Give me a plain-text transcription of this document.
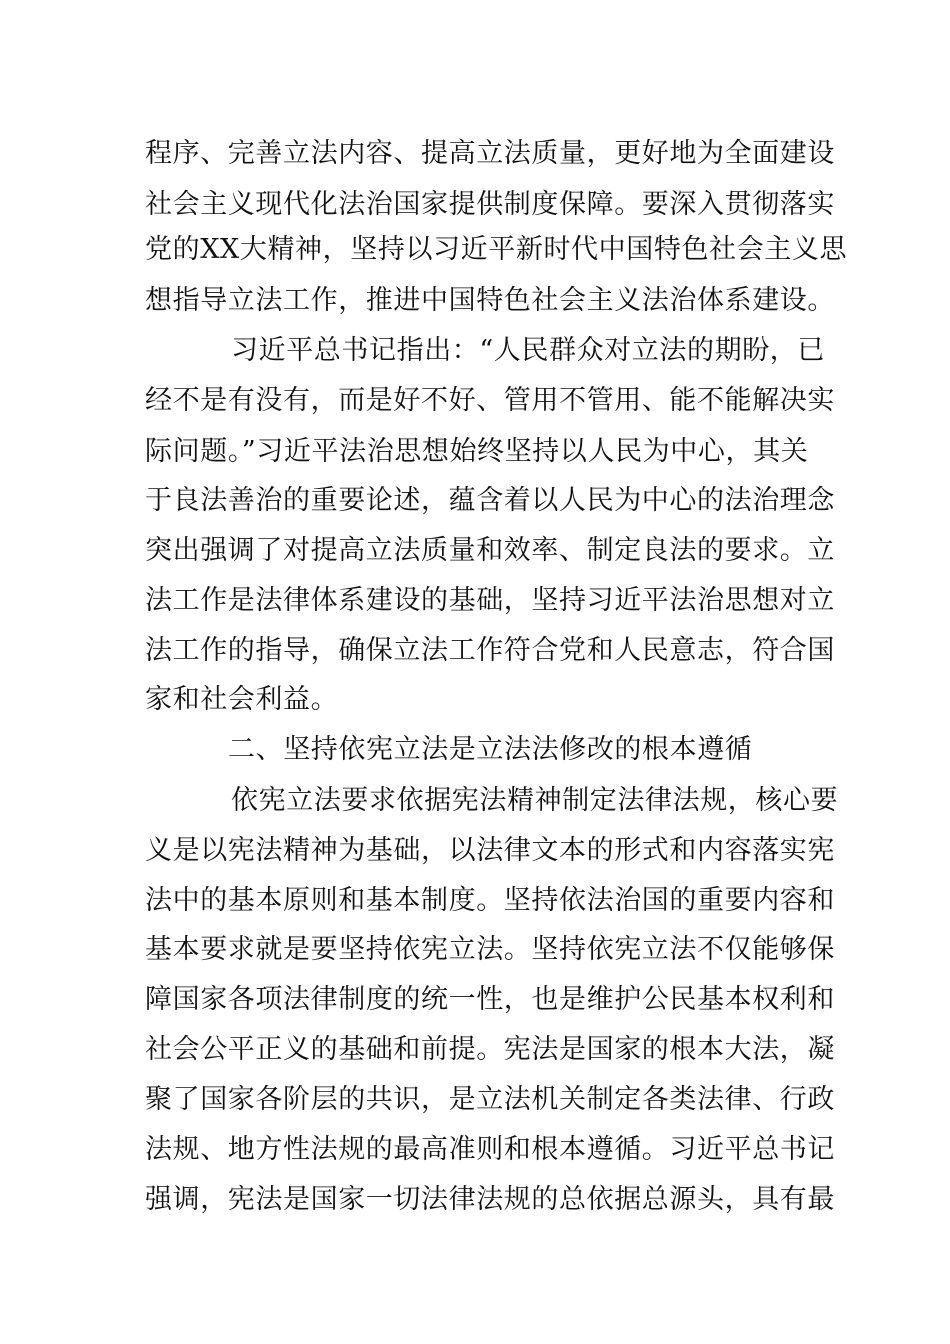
程序、完善立法内容、提高立法质量，更好地为全面建设
社会主义现代化法治国家提供制度保障。要深入贯彻落实
党的XX大精神，坚持以习近平新时代中国特色社会主义思
想指导立法工作，推进中国特色社会主义法治体系建设。
习近平总书记指出：“人民群众对立法的期盼，已
经不是有没有，而是好不好、管用不管用、能不能解决实
际问题。”习近平法治思想始终坚持以人民为中心，其关
于良法善治的重要论述，蕴含着以人民为中心的法治理念
突出强调了对提高立法质量和效率、制定良法的要求。立
法工作是法律体系建设的基础，坚持习近平法治思想对立
法工作的指导，确保立法工作符合党和人民意志，符合国
家和社会利益。
二、坚持依宪立法是立法法修改的根本遵循
依宪立法要求依据宪法精神制定法律法规，核心要
义是以宪法精神为基础，以法律文本的形式和内容落实宪
法中的基本原则和基本制度。坚持依法治国的重要内容和
基本要求就是要坚持依宪立法。坚持依宪立法不仅能够保
障国家各项法律制度的统一性，也是维护公民基本权利和
社会公平正义的基础和前提。宪法是国家的根本大法，凝
聚了国家各阶层的共识，是立法机关制定各类法律、行政
法规、地方性法规的最高准则和根本遵循。习近平总书记
强调，宪法是国家一切法律法规的总依据总源头，具有最
